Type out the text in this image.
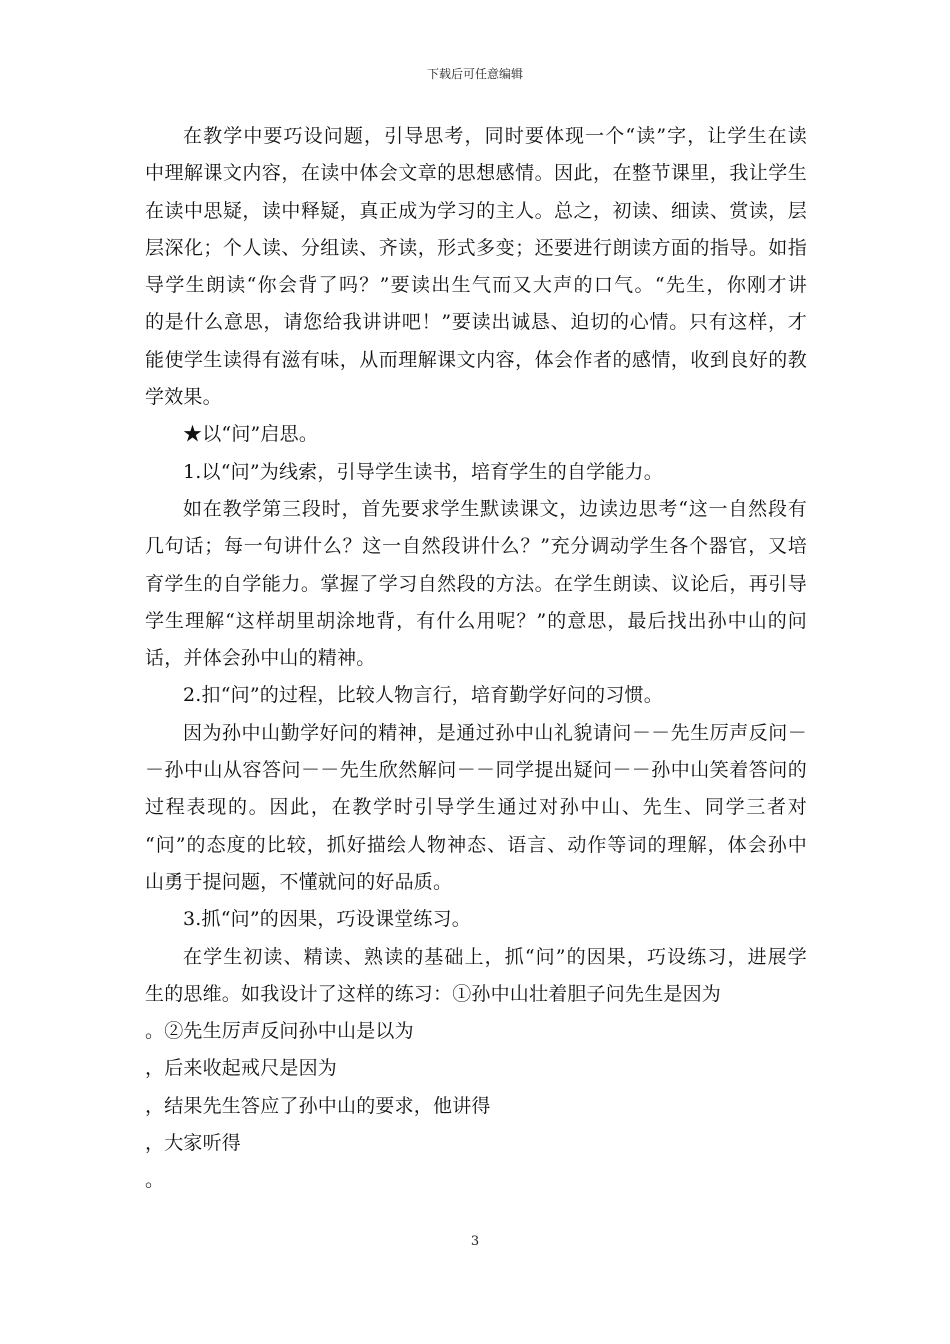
下载后可任意编辑
在教学中要巧设问题，引导思考，同时要体现一个“读”字，让学生在读
中理解课文内容，在读中体会文章的思想感情。因此，在整节课里，我让学生
在读中思疑，读中释疑，真正成为学习的主人。总之，初读、细读、赏读，层
层深化；个人读、分组读、齐读，形式多变；还要进行朗读方面的指导。如指
导学生朗读“你会背了吗？”要读出生气而又大声的口气。“先生，你刚才讲
的是什么意思，请您给我讲讲吧！”要读出诚恳、迫切的心情。只有这样，才
能使学生读得有滋有味，从而理解课文内容，体会作者的感情，收到良好的教
学效果。
★以“问”启思。
1.以“问”为线索，引导学生读书，培育学生的自学能力。
如在教学第三段时，首先要求学生默读课文，边读边思考“这一自然段有
几句话；每一句讲什么？这一自然段讲什么？”充分调动学生各个器官，又培
育学生的自学能力。掌握了学习自然段的方法。在学生朗读、议论后，再引导
学生理解“这样胡里胡涂地背，有什么用呢？”的意思，最后找出孙中山的问
话，并体会孙中山的精神。
2.扣“问”的过程，比较人物言行，培育勤学好问的习惯。
因为孙中山勤学好问的精神，是通过孙中山礼貌请问－－先生厉声反问－
－孙中山从容答问－－先生欣然解问－－同学提出疑问－－孙中山笑着答问的
过程表现的。因此，在教学时引导学生通过对孙中山、先生、同学三者对
“问”的态度的比较，抓好描绘人物神态、语言、动作等词的理解，体会孙中
山勇于提问题，不懂就问的好品质。
3.抓“问”的因果，巧设课堂练习。
在学生初读、精读、熟读的基础上，抓“问”的因果，巧设练习，进展学
生的思维。如我设计了这样的练习：①孙中山壮着胆子问先生是因为
。②先生厉声反问孙中山是以为
，后来收起戒尺是因为
，结果先生答应了孙中山的要求，他讲得
，大家听得
。
3
